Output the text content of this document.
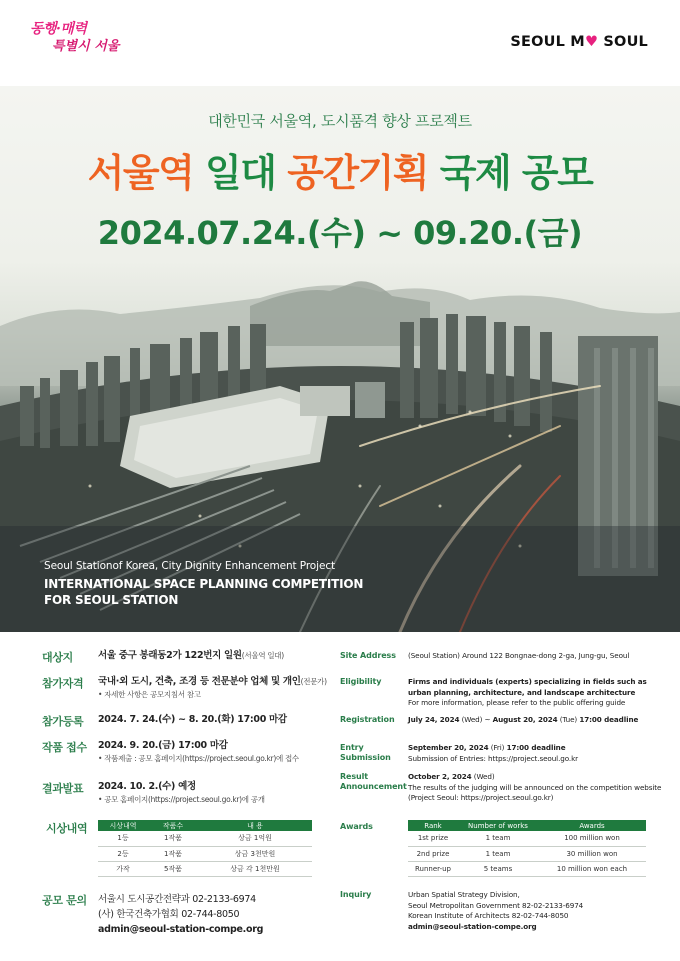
동행·매력
특별시 서울	SEOUL M♥ SOUL
대한민국 서울역, 도시품격 향상 프로젝트
서울역 일대 공간기획 국제 공모
2024.07.24.(수) ~ 09.20.(금)
Seoul Stationof Korea, City Dignity Enhancement Project
INTERNATIONAL SPACE PLANNING COMPETITION
FOR SEOUL STATION
대상지	서울 중구 봉래동2가 122번지 일원(서울역 일대)
참가자격 국내·외 도시, 건축, 조경 등 전문분야 업체 및 개인(전문가)
• 자세한 사항은 공모지침서 참고
참가등록 2024. 7. 24.(수) ~ 8. 20.(화) 17:00 마감
작품 접수 2024. 9. 20.(금) 17:00 마감
• 작품제출 : 공모 홈페이지(https://project.seoul.go.kr)에 접수
결과발표 2024. 10. 2.(수) 예정
• 공모 홈페이지(https://project.seoul.go.kr)에 공개
시상내역	시상내역	작품수	내 용
1등	1작품	상금 1억원
2등	1작품	상금 3천만원
가작	5작품	상금 각 1천만원
공모 문의 서울시 도시공간전략과 02-2133-6974
(사) 한국건축가협회 02-744-8050
admin@seoul-station-compe.org
Site Address (Seoul Station) Around 122 Bongnae-dong 2-ga, Jung-gu, Seoul
Eligibility	Firms and individuals (experts) specializing in fields such as
urban planning, architecture, and landscape architecture
For more information, please refer to the public offering guide
Registration July 24, 2024 (Wed) ~ August 20, 2024 (Tue) 17:00 deadline
Entry
Submission
September 20, 2024 (Fri) 17:00 deadline
Submission of Entries: https://project.seoul.go.kr
Result
Announcement
October 2, 2024 (Wed)
The results of the judging will be announced on the competition website
(Project Seoul: https://project.seoul.go.kr)
Awards	Rank	Number of works	Awards
1st prize	1 team	100 million won
2nd prize	1 team	30 million won
Runner-up	5 teams	10 million won each
Inquiry	Urban Spatial Strategy Division,
Seoul Metropolitan Government 82-02-2133-6974
Korean Institute of Architects 82-02-744-8050
admin@seoul-station-compe.org
